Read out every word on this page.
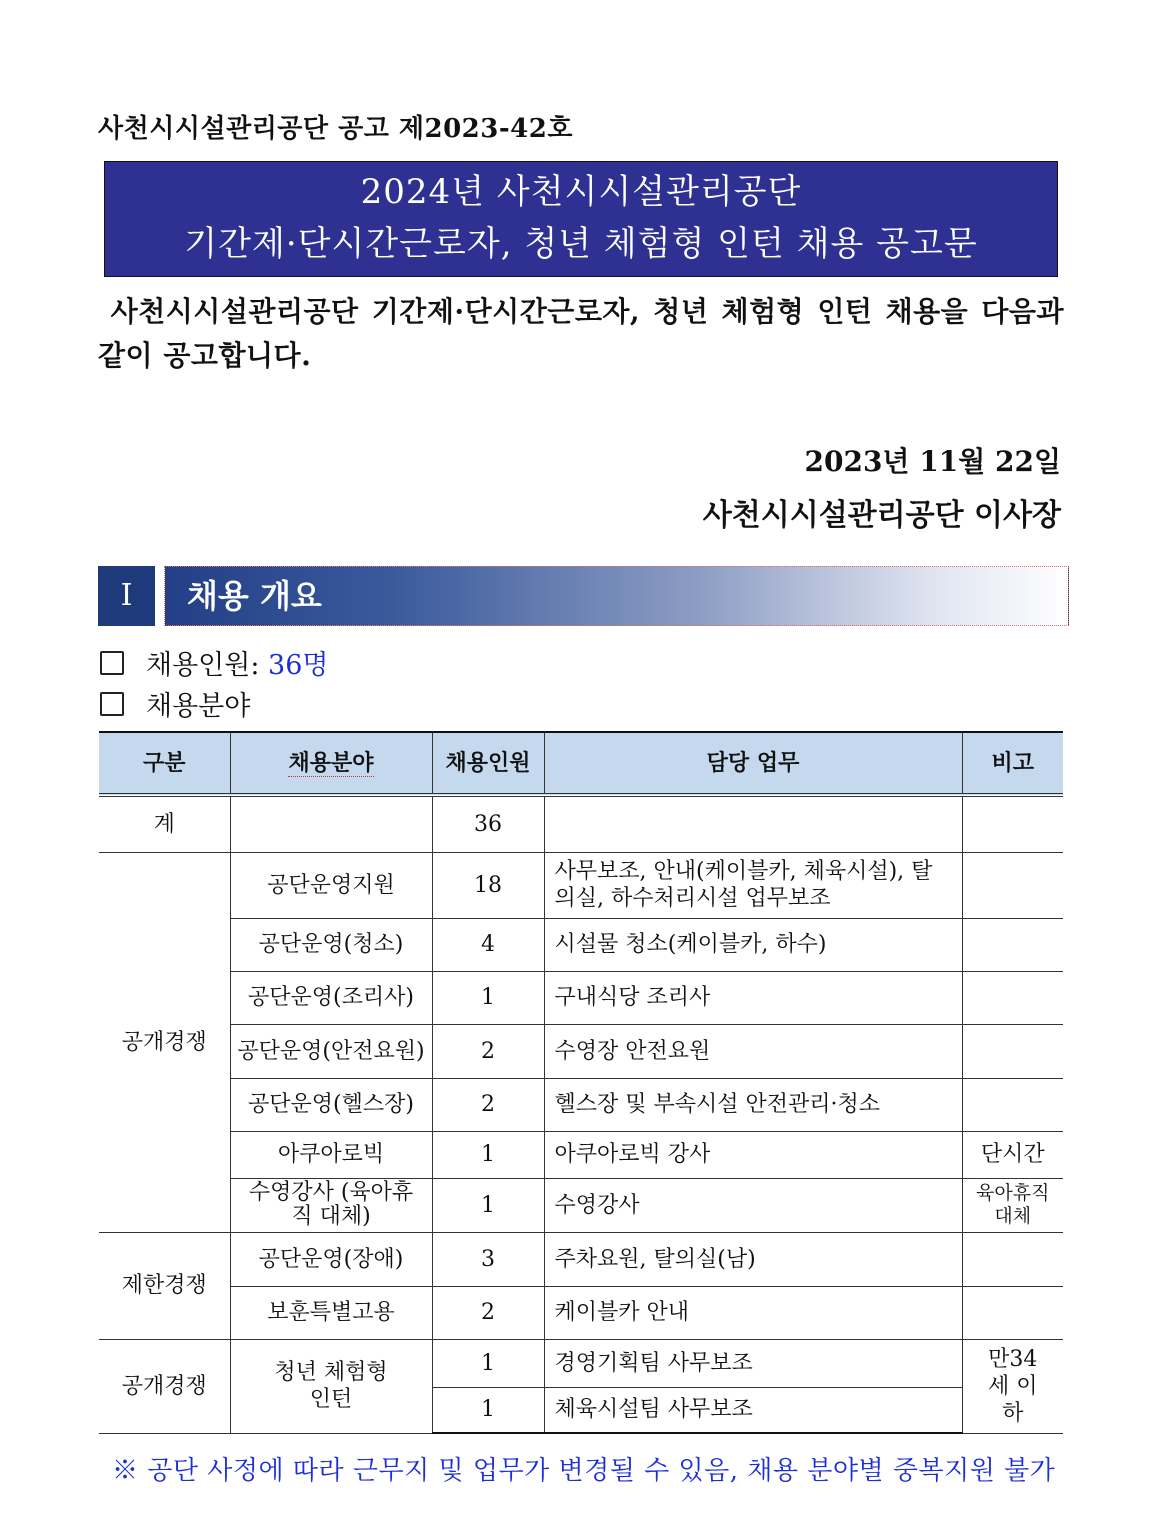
사천시시설관리공단 공고 제2023-42호
2024년 사천시시설관리공단
기간제·단시간근로자, 청년 체험형 인턴 채용 공고문
사천시시설관리공단 기간제·단시간근로자, 청년 체험형 인턴 채용을 다음과 같이 공고합니다.
2023년 11월 22일
사천시시설관리공단 이사장
Ⅰ	채용 개요
채용인원:
36명
채용분야
구분	채용분야	채용인원	담당 업무	비고
계		36		
공개경쟁	공단운영지원	18	사무보조, 안내(케이블카, 체육시설), 탈의실, 하수처리시설 업무보조	
	공단운영(청소)	4	시설물 청소(케이블카, 하수)	
	공단운영(조리사)	1	구내식당 조리사	
	공단운영(안전요원)	2	수영장 안전요원	
	공단운영(헬스장)	2	헬스장 및 부속시설 안전관리·청소	
	아쿠아로빅	1	아쿠아로빅 강사	단시간
	수영강사 (육아휴직 대체)	1	수영강사	육아휴직 대체
제한경쟁	공단운영(장애)	3	주차요원, 탈의실(남)	
	보훈특별고용	2	케이블카 안내	
공개경쟁	청년 체험형 인턴	1	경영기획팀 사무보조	만34세 이하
		1	체육시설팀 사무보조	
※ 공단 사정에 따라 근무지 및 업무가 변경될 수 있음, 채용 분야별 중복지원 불가
